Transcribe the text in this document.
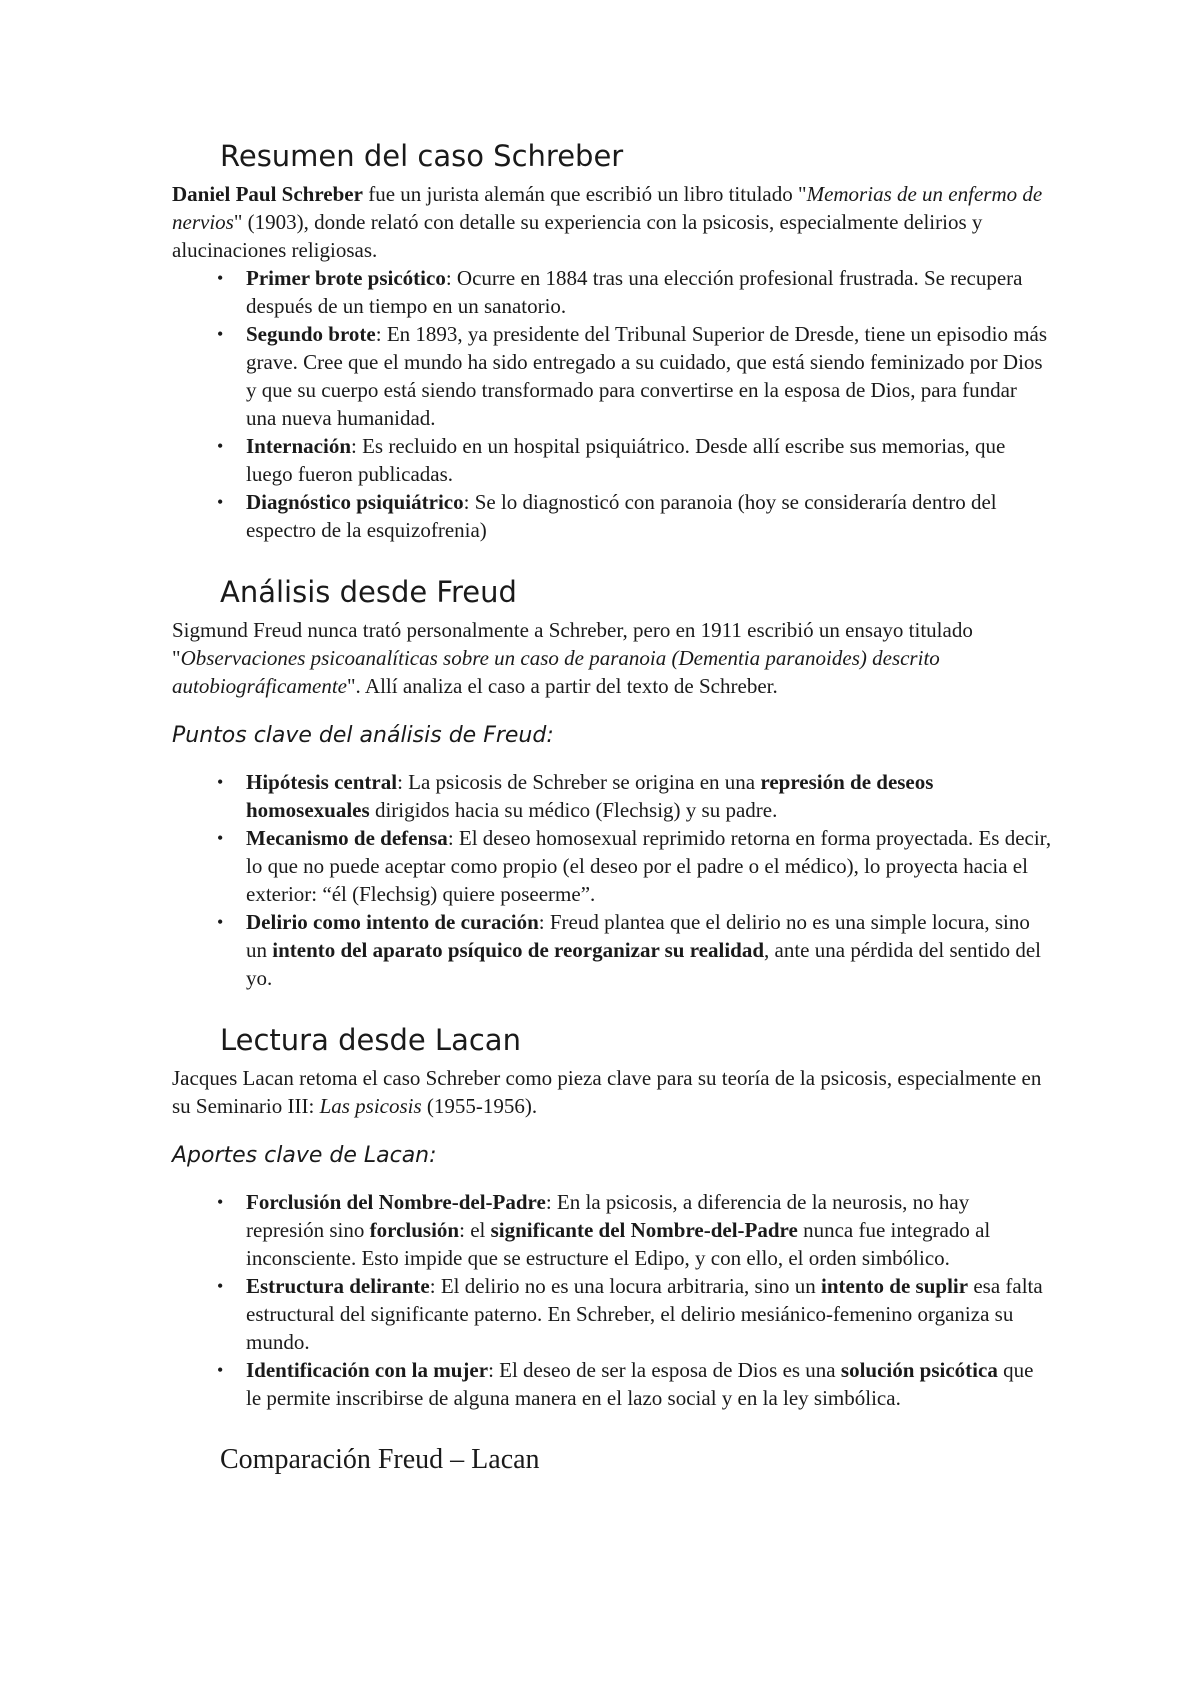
Resumen del caso Schreber

Daniel Paul Schreber fue un jurista alemán que escribió un libro titulado "Memorias de un enfermo de nervios" (1903), donde relató con detalle su experiencia con la psicosis, especialmente delirios y alucinaciones religiosas.

• Primer brote psicótico: Ocurre en 1884 tras una elección profesional frustrada. Se recupera después de un tiempo en un sanatorio.
• Segundo brote: En 1893, ya presidente del Tribunal Superior de Dresde, tiene un episodio más grave. Cree que el mundo ha sido entregado a su cuidado, que está siendo feminizado por Dios y que su cuerpo está siendo transformado para convertirse en la esposa de Dios, para fundar una nueva humanidad.
• Internación: Es recluido en un hospital psiquiátrico. Desde allí escribe sus memorias, que luego fueron publicadas.
• Diagnóstico psiquiátrico: Se lo diagnosticó con paranoia (hoy se consideraría dentro del espectro de la esquizofrenia)
Análisis desde Freud

Sigmund Freud nunca trató personalmente a Schreber, pero en 1911 escribió un ensayo titulado "Observaciones psicoanalíticas sobre un caso de paranoia (Dementia paranoides) descrito autobiográficamente". Allí analiza el caso a partir del texto de Schreber.

Puntos clave del análisis de Freud:
• Hipótesis central: La psicosis de Schreber se origina en una represión de deseos homosexuales dirigidos hacia su médico (Flechsig) y su padre.
• Mecanismo de defensa: El deseo homosexual reprimido retorna en forma proyectada. Es decir, lo que no puede aceptar como propio (el deseo por el padre o el médico), lo proyecta hacia el exterior: “él (Flechsig) quiere poseerme”.
• Delirio como intento de curación: Freud plantea que el delirio no es una simple locura, sino un intento del aparato psíquico de reorganizar su realidad, ante una pérdida del sentido del yo.
Lectura desde Lacan

Jacques Lacan retoma el caso Schreber como pieza clave para su teoría de la psicosis, especialmente en su Seminario III: Las psicosis (1955-1956).

Aportes clave de Lacan:
• Forclusión del Nombre-del-Padre: En la psicosis, a diferencia de la neurosis, no hay represión sino forclusión: el significante del Nombre-del-Padre nunca fue integrado al inconsciente. Esto impide que se estructure el Edipo, y con ello, el orden simbólico.
• Estructura delirante: El delirio no es una locura arbitraria, sino un intento de suplir esa falta estructural del significante paterno. En Schreber, el delirio mesiánico-femenino organiza su mundo.
• Identificación con la mujer: El deseo de ser la esposa de Dios es una solución psicótica que le permite inscribirse de alguna manera en el lazo social y en la ley simbólica.
Comparación Freud – Lacan
